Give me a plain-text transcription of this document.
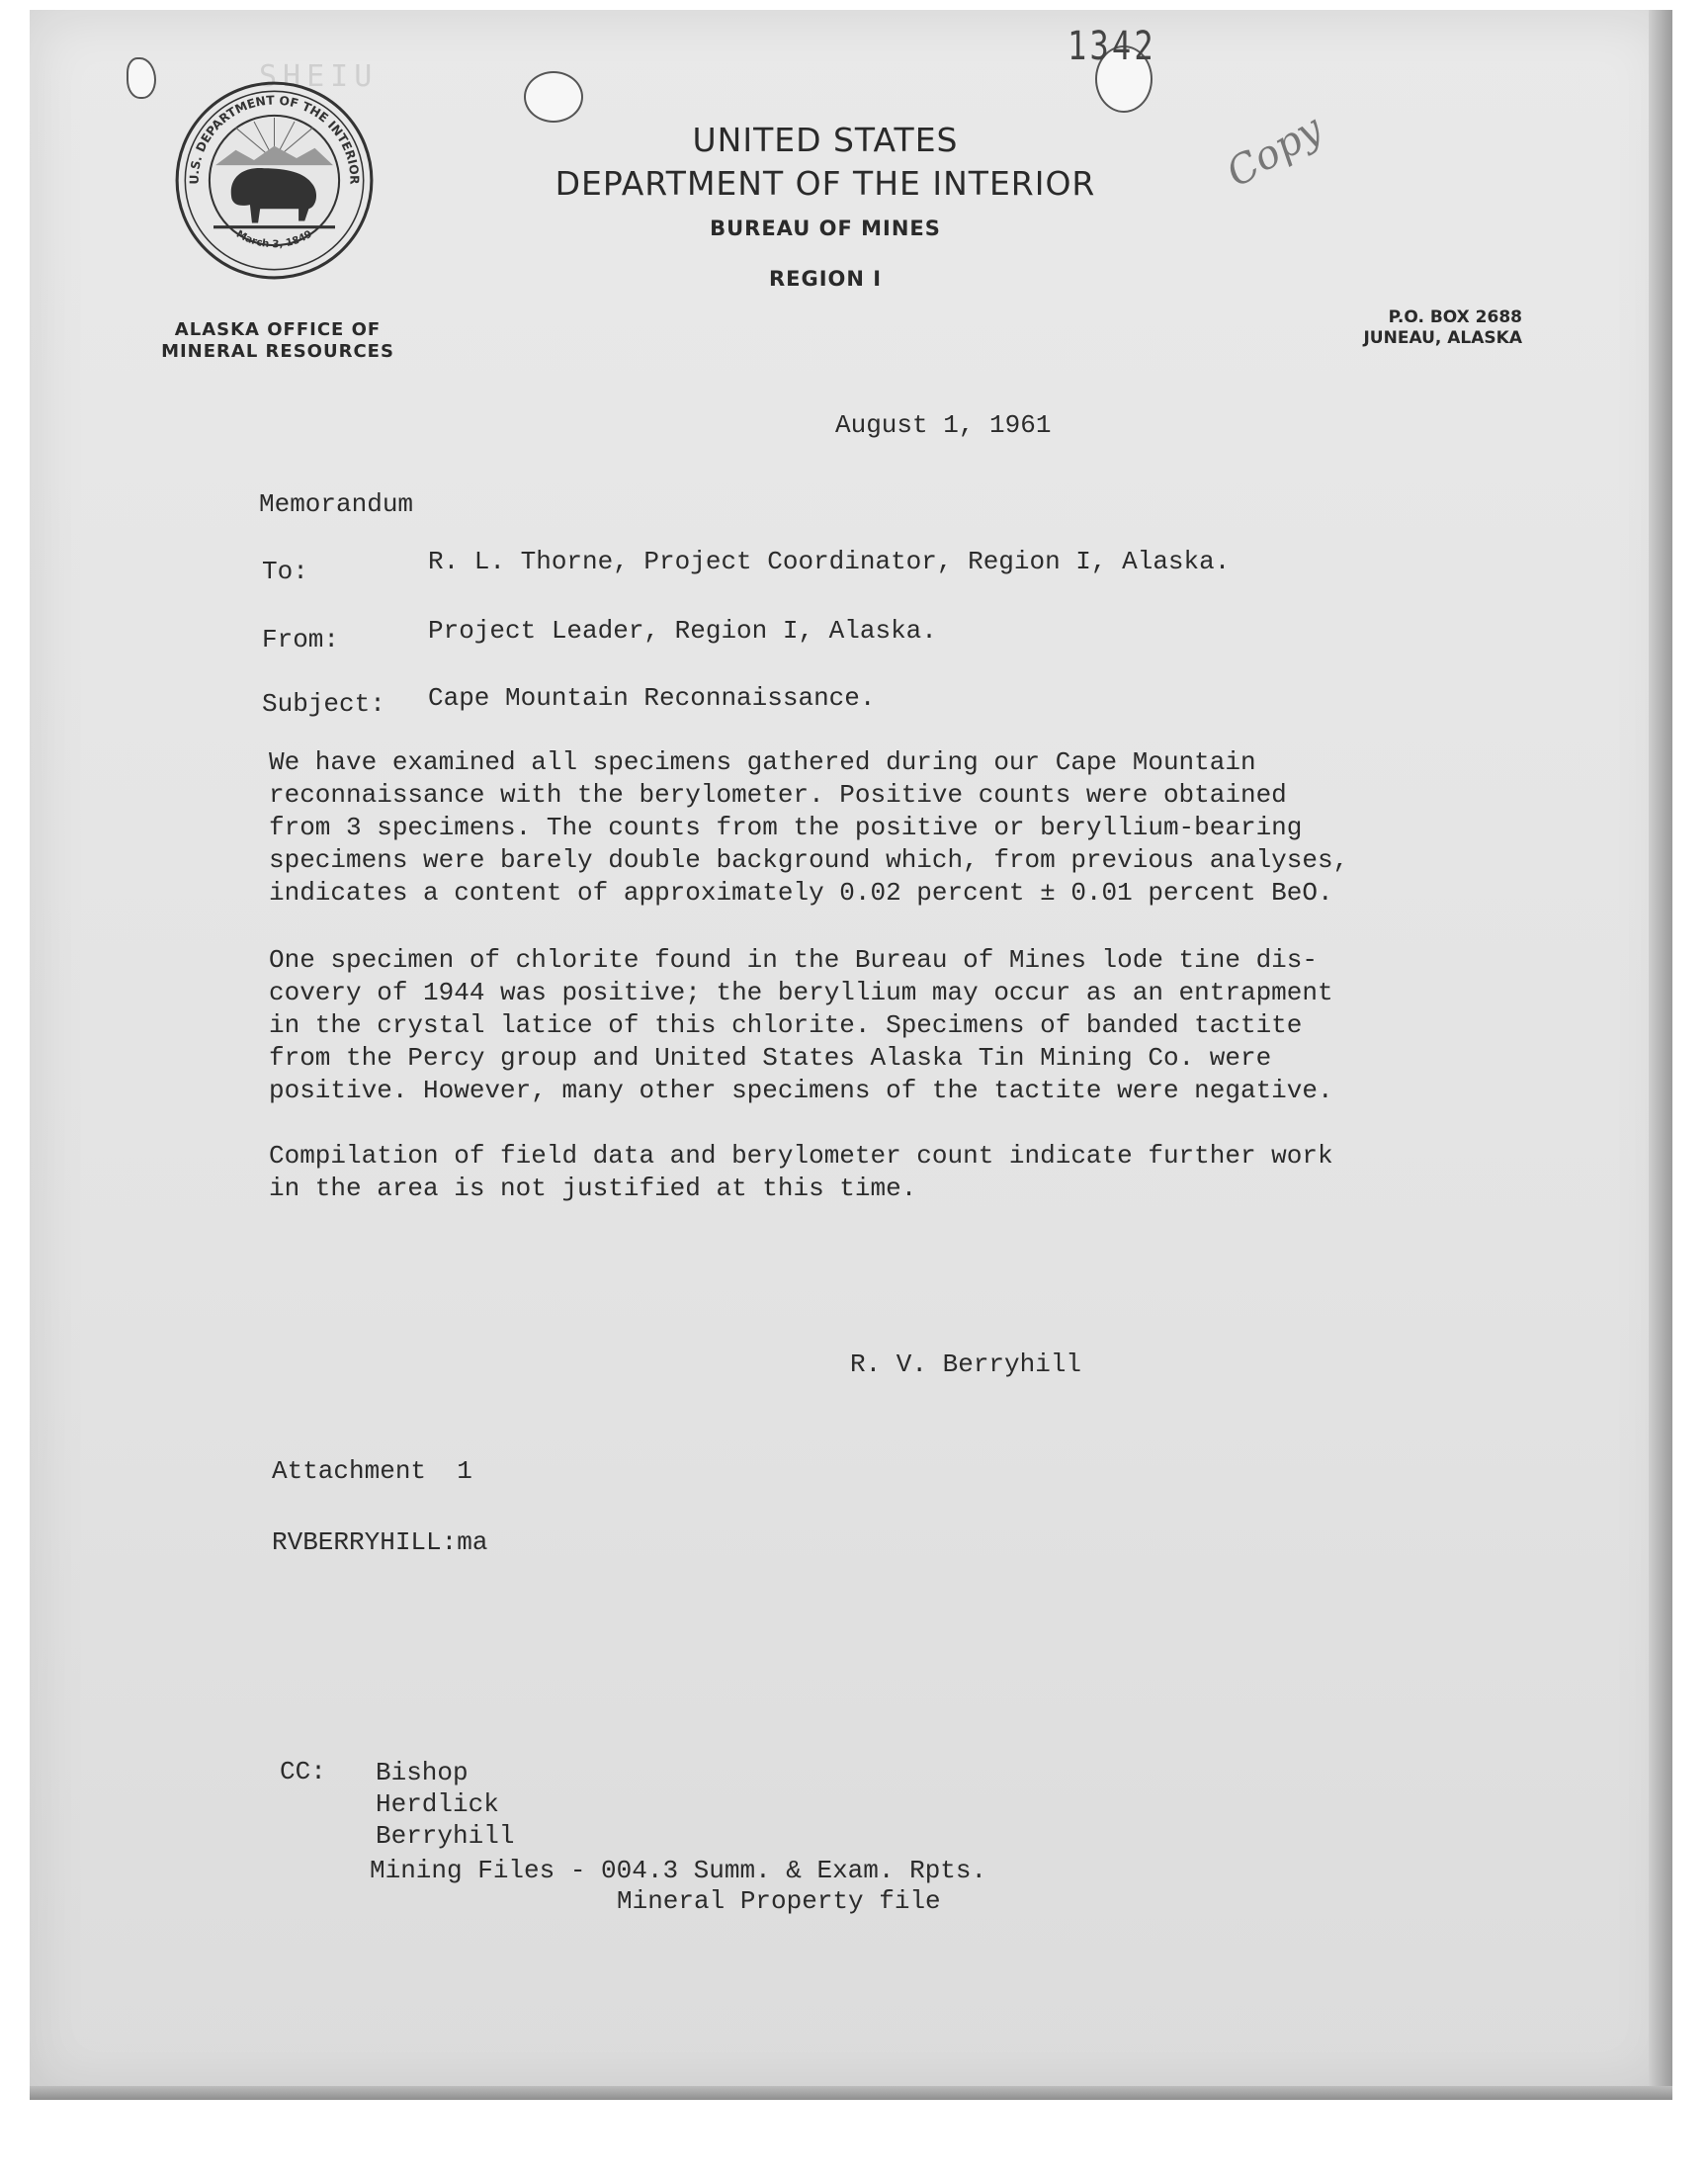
SHEIU
1342
Copy
U.S. DEPARTMENT OF THE INTERIOR
March 3, 1849
UNITED STATES
DEPARTMENT OF THE INTERIOR
BUREAU OF MINES
REGION I
ALASKA OFFICE OF
MINERAL RESOURCES
P.O. BOX 2688
JUNEAU, ALASKA
August 1, 1961
Memorandum
To:	R. L. Thorne, Project Coordinator, Region I, Alaska.
From:	Project Leader, Region I, Alaska.
Subject: Cape Mountain Reconnaissance.
We have examined all specimens gathered during our Cape Mountain
reconnaissance with the berylometer. Positive counts were obtained
from 3 specimens. The counts from the positive or beryllium-bearing
specimens were barely double background which, from previous analyses,
indicates a content of approximately 0.02 percent ± 0.01 percent BeO.
One specimen of chlorite found in the Bureau of Mines lode tine dis-
covery of 1944 was positive; the beryllium may occur as an entrapment
in the crystal latice of this chlorite. Specimens of banded tactite
from the Percy group and United States Alaska Tin Mining Co. were
positive. However, many other specimens of the tactite were negative.
Compilation of field data and berylometer count indicate further work
in the area is not justified at this time.
R. V. Berryhill
Attachment  1
RVBERRYHILL:ma
CC: Bishop
Herdlick
Berryhill
Mining Files - 004.3 Summ. & Exam. Rpts.
Mineral Property file
